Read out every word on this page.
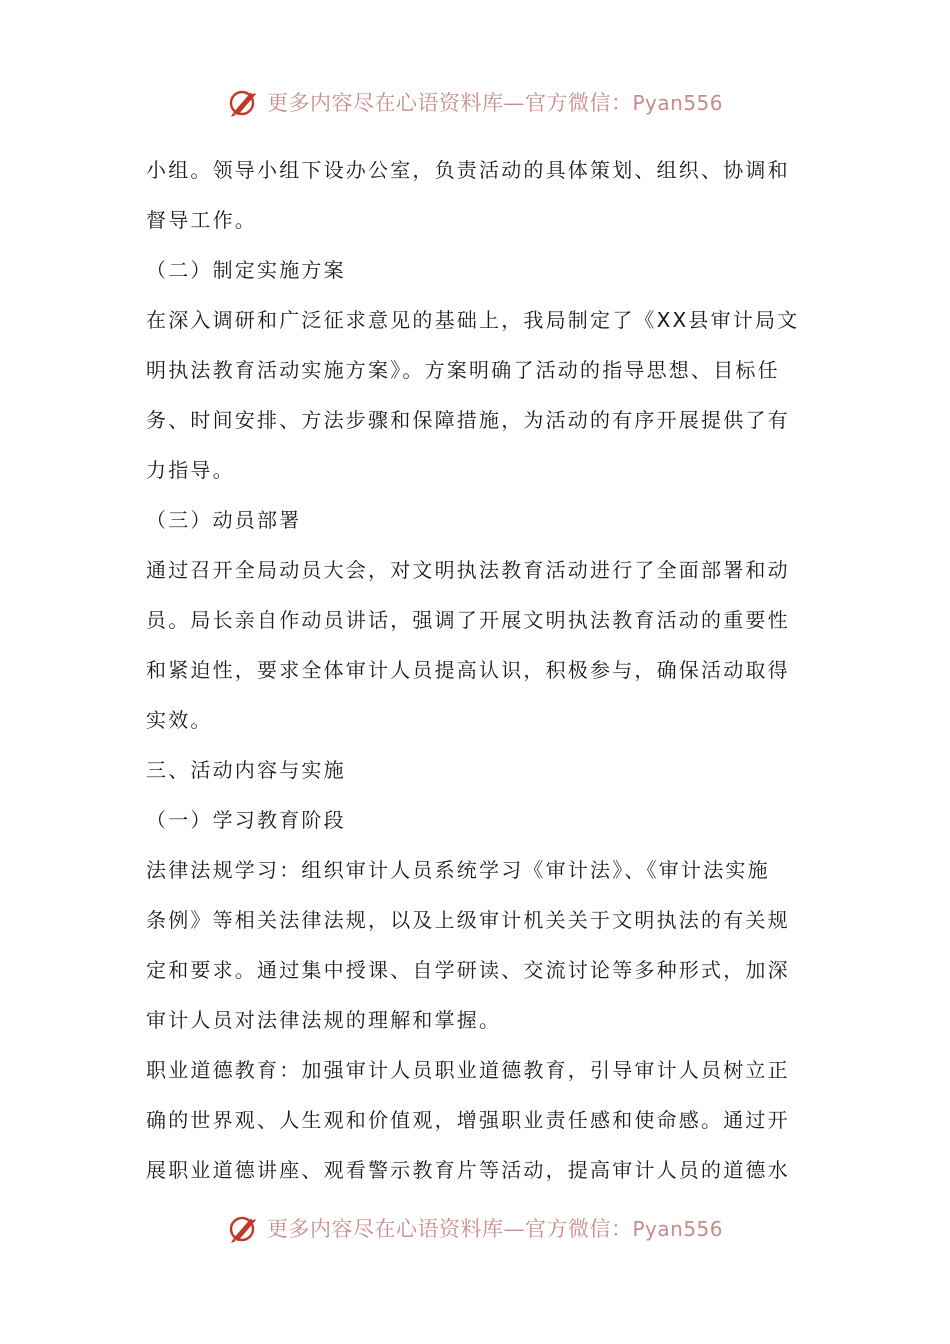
更多内容尽在心语资料库—官方微信：Pyan556
小组。领导小组下设办公室，负责活动的具体策划、组织、协调和
督导工作。
（二）制定实施方案
在深入调研和广泛征求意见的基础上，我局制定了《XX县审计局文
明执法教育活动实施方案》。方案明确了活动的指导思想、目标任
务、时间安排、方法步骤和保障措施，为活动的有序开展提供了有
力指导。
（三）动员部署
通过召开全局动员大会，对文明执法教育活动进行了全面部署和动
员。局长亲自作动员讲话，强调了开展文明执法教育活动的重要性
和紧迫性，要求全体审计人员提高认识，积极参与，确保活动取得
实效。
三、活动内容与实施
（一）学习教育阶段
法律法规学习：组织审计人员系统学习《审计法》、《审计法实施
条例》等相关法律法规，以及上级审计机关关于文明执法的有关规
定和要求。通过集中授课、自学研读、交流讨论等多种形式，加深
审计人员对法律法规的理解和掌握。
职业道德教育：加强审计人员职业道德教育，引导审计人员树立正
确的世界观、人生观和价值观，增强职业责任感和使命感。通过开
展职业道德讲座、观看警示教育片等活动，提高审计人员的道德水
更多内容尽在心语资料库—官方微信：Pyan556
